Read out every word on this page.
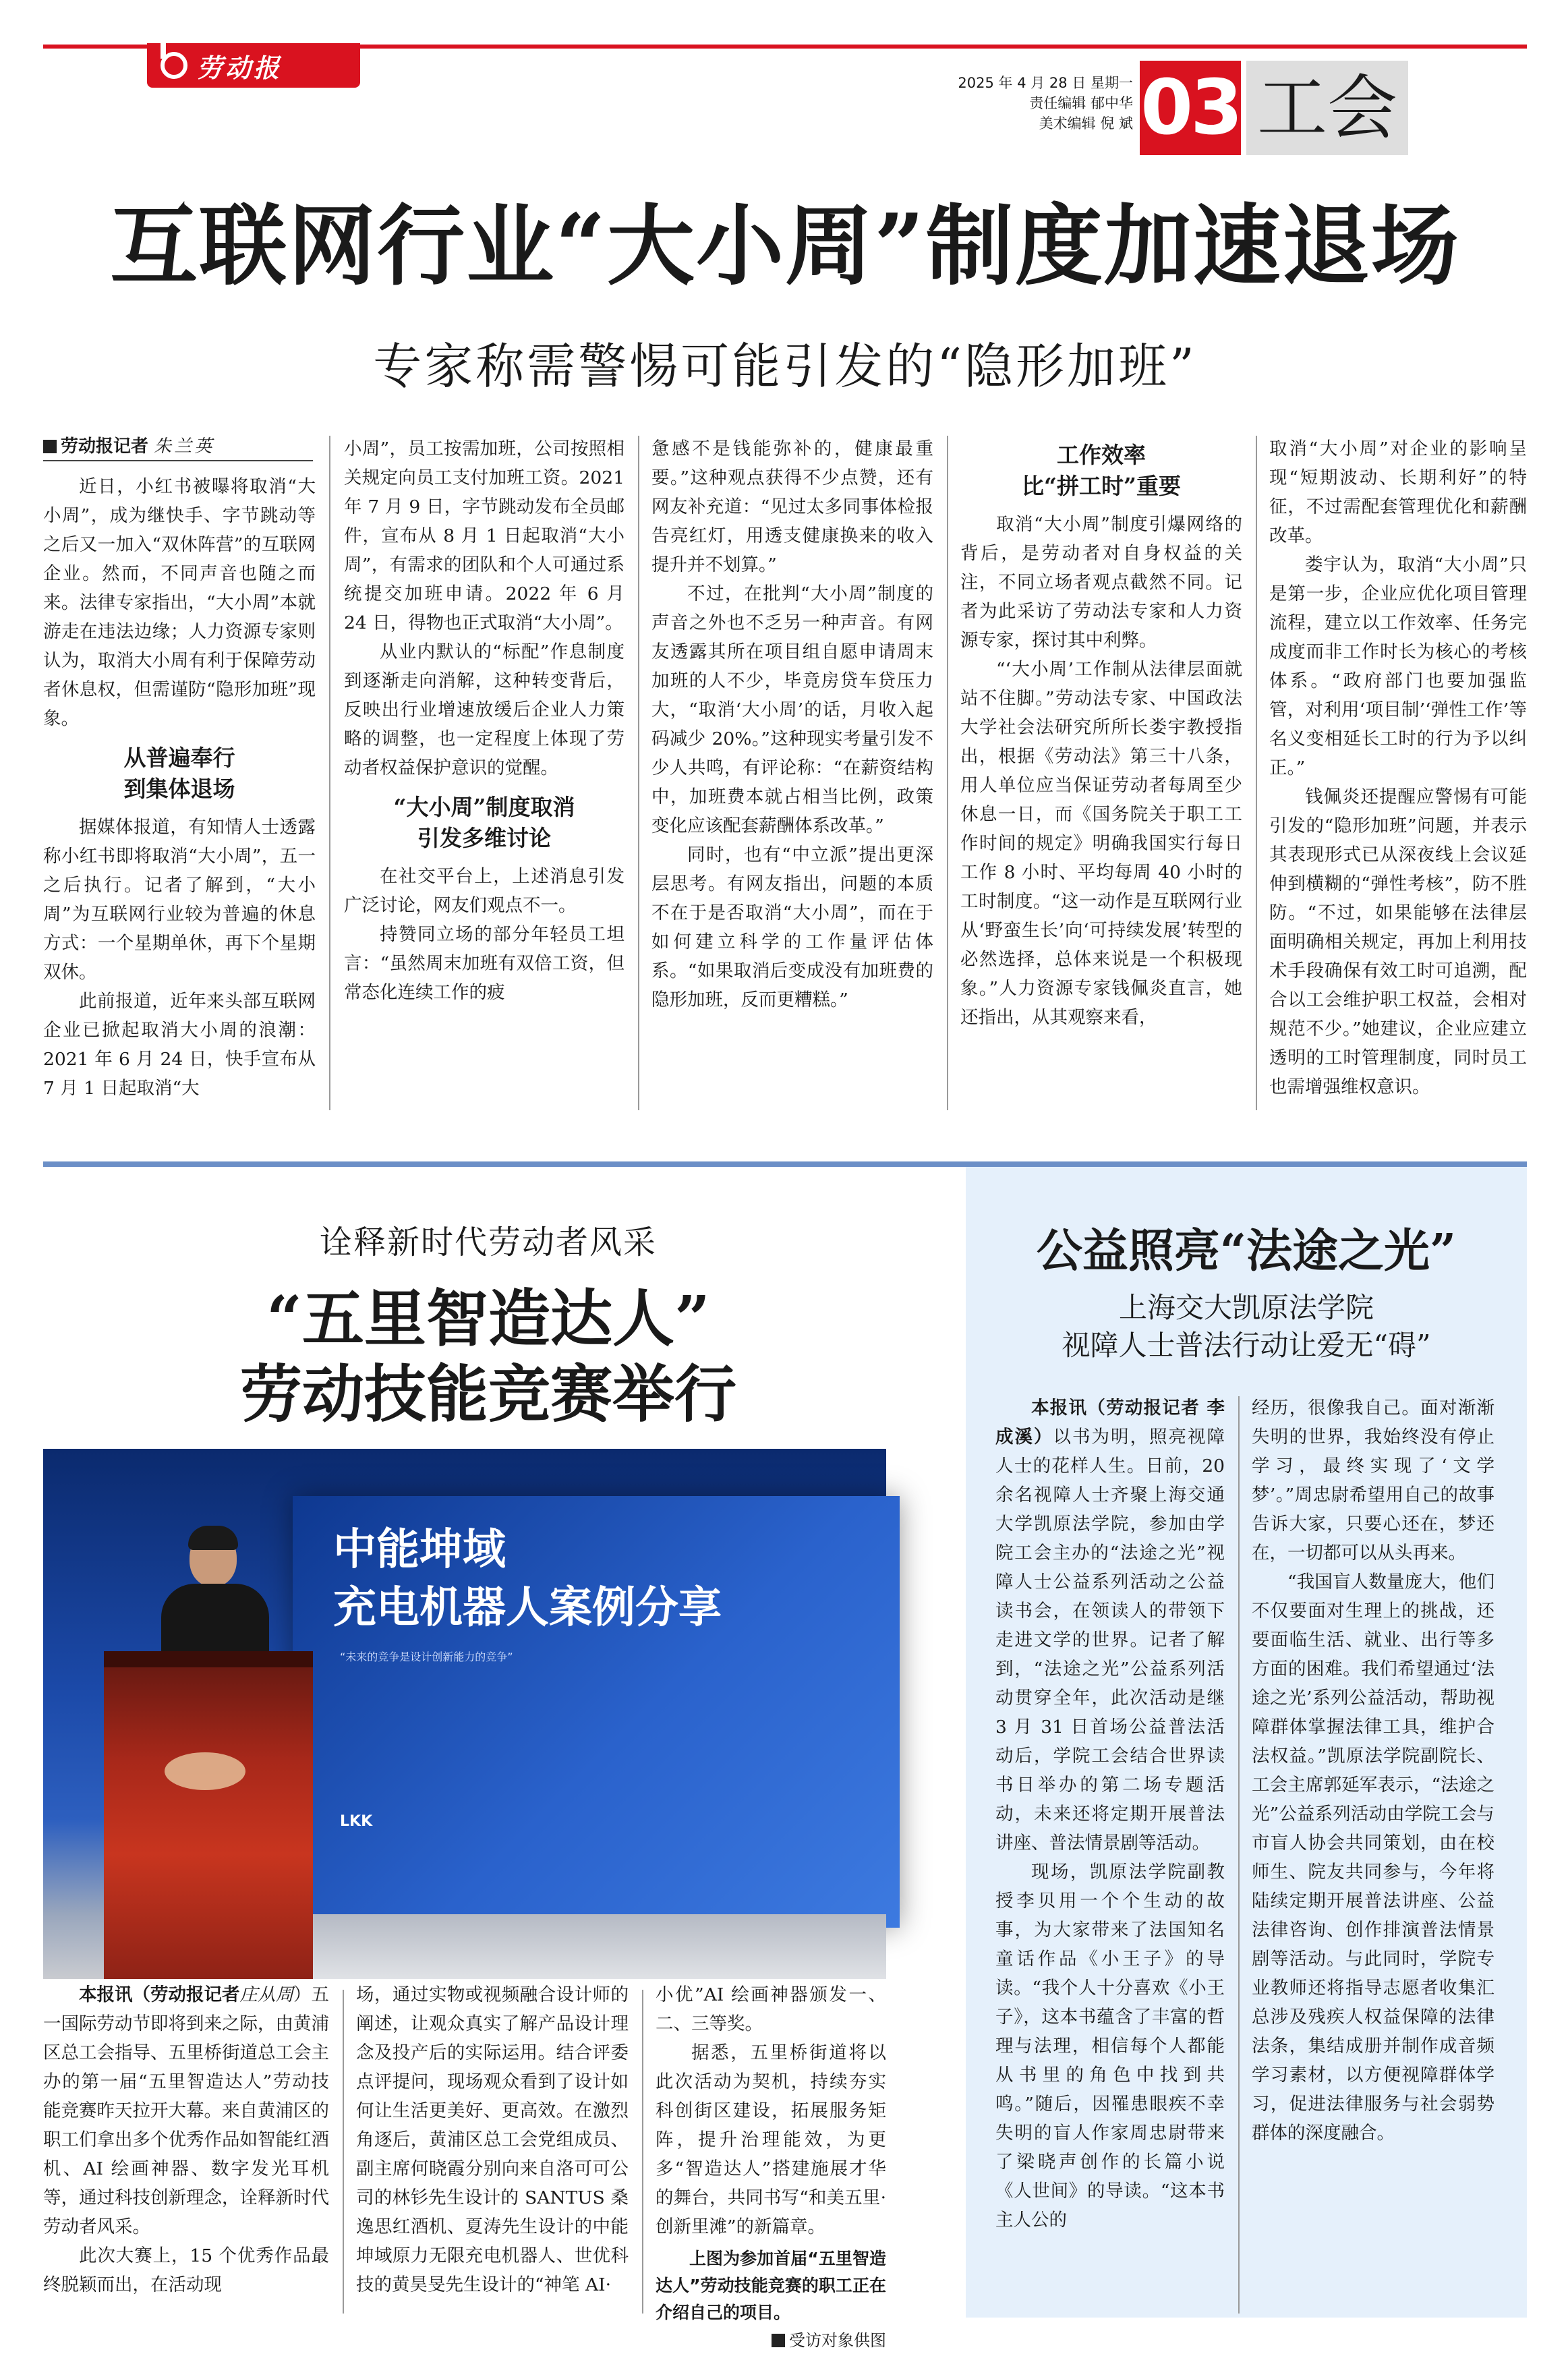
劳动报
2025 年 4 月 28 日 星期一
责任编辑 郁中华
美术编辑 倪 斌 03 工会
互联网行业“大小周”制度加速退场
专家称需警惕可能引发的“隐形加班”
劳动报记者 朱兰英

近日，小红书被曝将取消“大小周”，成为继快手、字节跳动等之后又一加入“双休阵营”的互联网企业。然而，不同声音也随之而来。法律专家指出，“大小周”本就游走在违法边缘；人力资源专家则认为，取消大小周有利于保障劳动者休息权，但需谨防“隐形加班”现象。

从普遍奉行
到集体退场

据媒体报道，有知情人士透露称小红书即将取消“大小周”，五一之后执行。记者了解到，“大小周”为互联网行业较为普遍的休息方式：一个星期单休，再下个星期双休。

此前报道，近年来头部互联网企业已掀起取消大小周的浪潮：2021 年 6 月 24 日，快手宣布从 7 月 1 日起取消“大

小周”，员工按需加班，公司按照相关规定向员工支付加班工资。2021 年 7 月 9 日，字节跳动发布全员邮件，宣布从 8 月 1 日起取消“大小周”，有需求的团队和个人可通过系统提交加班申请。2022 年 6 月 24 日，得物也正式取消“大小周”。

从业内默认的“标配”作息制度到逐渐走向消解，这种转变背后，反映出行业增速放缓后企业人力策略的调整，也一定程度上体现了劳动者权益保护意识的觉醒。

“大小周”制度取消
引发多维讨论

在社交平台上，上述消息引发广泛讨论，网友们观点不一。

持赞同立场的部分年轻员工坦言：“虽然周末加班有双倍工资，但常态化连续工作的疲

惫感不是钱能弥补的，健康最重要。”这种观点获得不少点赞，还有网友补充道：“见过太多同事体检报告亮红灯，用透支健康换来的收入提升并不划算。”

不过，在批判“大小周”制度的声音之外也不乏另一种声音。有网友透露其所在项目组自愿申请周末加班的人不少，毕竟房贷车贷压力大，“取消‘大小周’的话，月收入起码减少 20%。”这种现实考量引发不少人共鸣，有评论称：“在薪资结构中，加班费本就占相当比例，政策变化应该配套薪酬体系改革。”

同时，也有“中立派”提出更深层思考。有网友指出，问题的本质不在于是否取消“大小周”，而在于如何建立科学的工作量评估体系。“如果取消后变成没有加班费的隐形加班，反而更糟糕。”

工作效率
比“拼工时”重要

取消“大小周”制度引爆网络的背后，是劳动者对自身权益的关注，不同立场者观点截然不同。记者为此采访了劳动法专家和人力资源专家，探讨其中利弊。

“‘大小周’工作制从法律层面就站不住脚。”劳动法专家、中国政法大学社会法研究所所长娄宇教授指出，根据《劳动法》第三十八条，用人单位应当保证劳动者每周至少休息一日，而《国务院关于职工工作时间的规定》明确我国实行每日工作 8 小时、平均每周 40 小时的工时制度。“这一动作是互联网行业从‘野蛮生长’向‘可持续发展’转型的必然选择，总体来说是一个积极现象。”人力资源专家钱佩炎直言，她还指出，从其观察来看，

取消“大小周”对企业的影响呈现“短期波动、长期利好”的特征，不过需配套管理优化和薪酬改革。

娄宇认为，取消“大小周”只是第一步，企业应优化项目管理流程，建立以工作效率、任务完成度而非工作时长为核心的考核体系。“政府部门也要加强监管，对利用‘项目制’‘弹性工作’等名义变相延长工时的行为予以纠正。”

钱佩炎还提醒应警惕有可能引发的“隐形加班”问题，并表示其表现形式已从深夜线上会议延伸到横糊的“弹性考核”，防不胜防。“不过，如果能够在法律层面明确相关规定，再加上利用技术手段确保有效工时可追溯，配合以工会维护职工权益，会相对规范不少。”她建议，企业应建立透明的工时管理制度，同时员工也需增强维权意识。

诠释新时代劳动者风采
“五里智造达人”
劳动技能竞赛举行
中能坤域
充电机器人案例分享
“未来的竞争是设计创新能力的竞争”
LKK

本报讯（劳动报记者庄从周）五一国际劳动节即将到来之际，由黄浦区总工会指导、五里桥街道总工会主办的第一届“五里智造达人”劳动技能竞赛昨天拉开大幕。来自黄浦区的职工们拿出多个优秀作品如智能红酒机、AI 绘画神器、数字发光耳机等，通过科技创新理念，诠释新时代劳动者风采。

此次大赛上，15 个优秀作品最终脱颖而出，在活动现

场，通过实物或视频融合设计师的阐述，让观众真实了解产品设计理念及投产后的实际运用。结合评委点评提问，现场观众看到了设计如何让生活更美好、更高效。在激烈角逐后，黄浦区总工会党组成员、副主席何晓霞分别向来自洛可可公司的林钐先生设计的 SANTUS 桑逸思红酒机、夏涛先生设计的中能坤域原力无限充电机器人、世优科技的黄昊旻先生设计的“神笔 AI·

小优”AI 绘画神器颁发一、二、三等奖。

据悉，五里桥街道将以此次活动为契机，持续夯实科创街区建设，拓展服务矩阵，提升治理能效，为更多“智造达人”搭建施展才华的舞台，共同书写“和美五里·创新里滩”的新篇章。

上图为参加首届“五里智造达人”劳动技能竞赛的职工正在介绍自己的项目。

受访对象供图
公益照亮“法途之光”
上海交大凯原法学院
视障人士普法行动让爱无“碍”

本报讯（劳动报记者 李成溪）以书为明，照亮视障人士的花样人生。日前，20 余名视障人士齐聚上海交通大学凯原法学院，参加由学院工会主办的“法途之光”视障人士公益系列活动之公益读书会，在领读人的带领下走进文学的世界。记者了解到，“法途之光”公益系列活动贯穿全年，此次活动是继 3 月 31 日首场公益普法活动后，学院工会结合世界读书日举办的第二场专题活动，未来还将定期开展普法讲座、普法情景剧等活动。

现场，凯原法学院副教授李贝用一个个生动的故事，为大家带来了法国知名童话作品《小王子》的导读。“我个人十分喜欢《小王子》，这本书蕴含了丰富的哲理与法理，相信每个人都能从书里的角色中找到共鸣。”随后，因罹患眼疾不幸失明的盲人作家周忠尉带来了梁晓声创作的长篇小说《人世间》的导读。“这本书主人公的

经历，很像我自己。面对渐渐失明的世界，我始终没有停止学习，最终实现了‘文学梦’。”周忠尉希望用自己的故事告诉大家，只要心还在，梦还在，一切都可以从头再来。

“我国盲人数量庞大，他们不仅要面对生理上的挑战，还要面临生活、就业、出行等多方面的困难。我们希望通过‘法途之光’系列公益活动，帮助视障群体掌握法律工具，维护合法权益。”凯原法学院副院长、工会主席郭延军表示，“法途之光”公益系列活动由学院工会与市盲人协会共同策划，由在校师生、院友共同参与，今年将陆续定期开展普法讲座、公益法律咨询、创作排演普法情景剧等活动。与此同时，学院专业教师还将指导志愿者收集汇总涉及残疾人权益保障的法律法条，集结成册并制作成音频学习素材，以方便视障群体学习，促进法律服务与社会弱势群体的深度融合。
